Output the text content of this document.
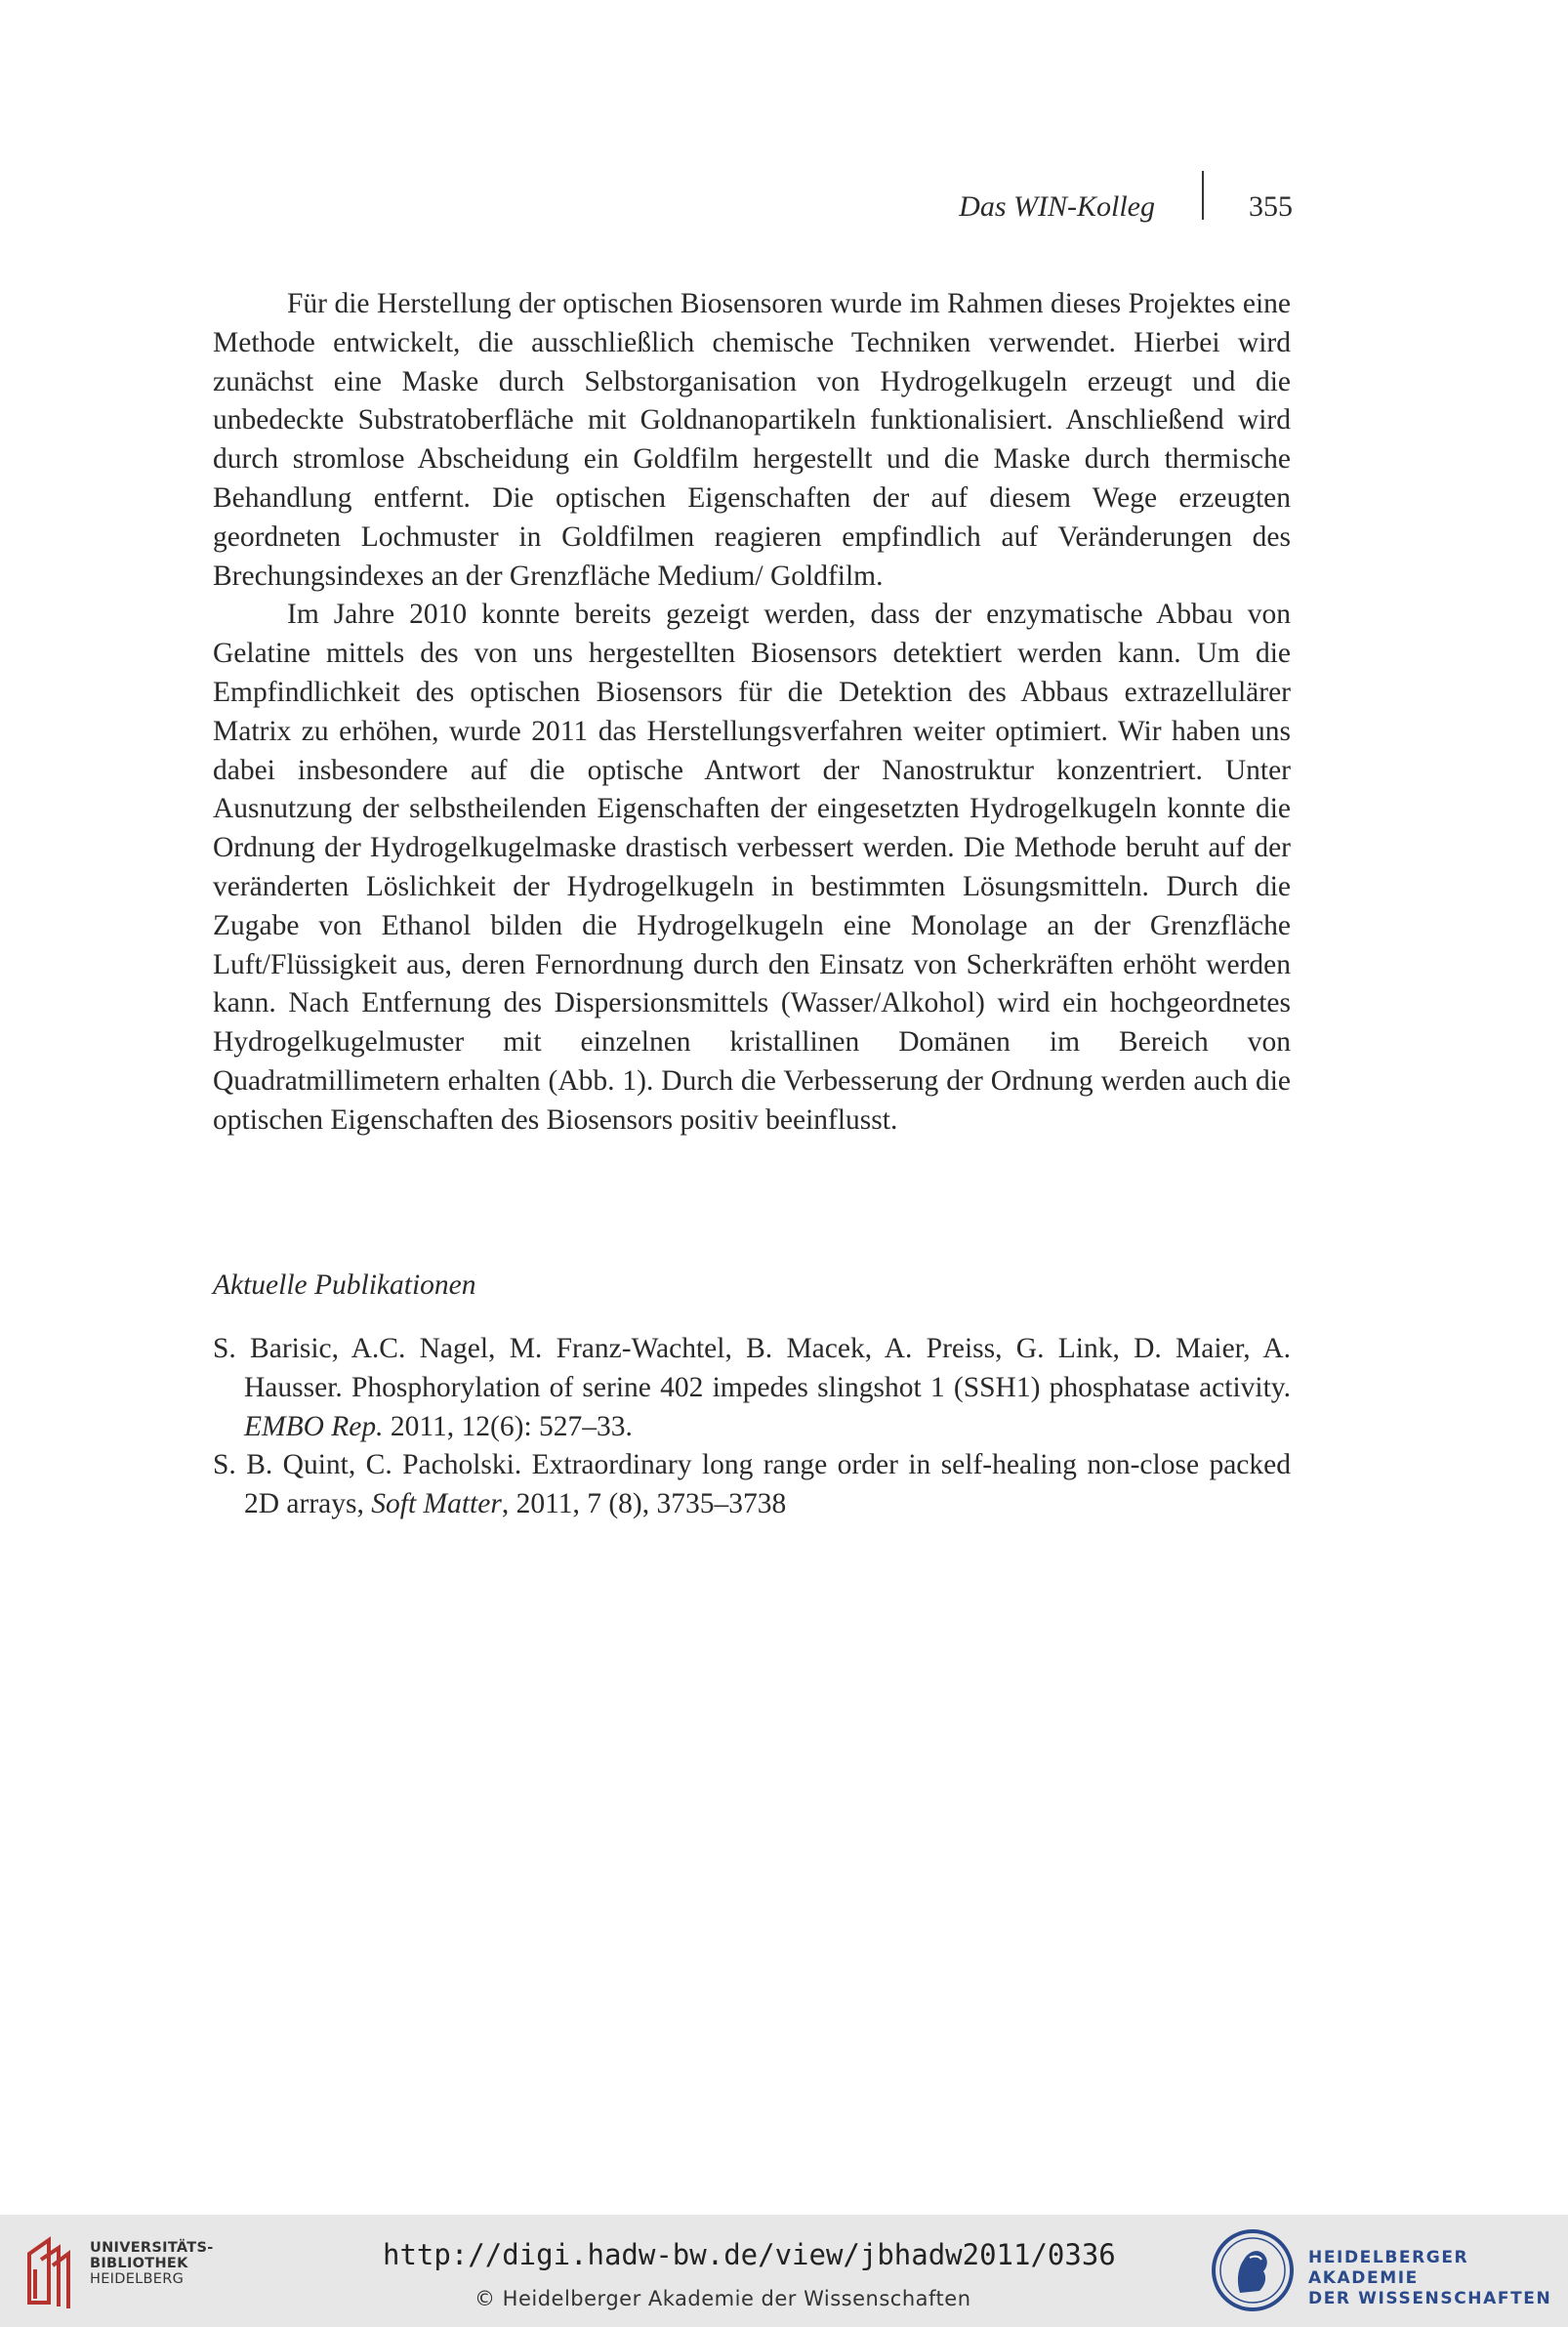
Das WIN-Kolleg	355

Für die Herstellung der optischen Biosensoren wurde im Rahmen dieses Projektes eine Methode entwickelt, die ausschließlich chemische Techniken verwendet. Hierbei wird zunächst eine Maske durch Selbstorganisation von Hydrogelkugeln erzeugt und die unbedeckte Substratoberfläche mit Goldnanopartikeln funktionalisiert. Anschließend wird durch stromlose Abscheidung ein Goldfilm hergestellt und die Maske durch thermische Behandlung entfernt. Die optischen Eigenschaften der auf diesem Wege erzeugten geordneten Lochmuster in Goldfilmen reagieren empfindlich auf Veränderungen des Brechungsindexes an der Grenzfläche Medium/ Goldfilm.

Im Jahre 2010 konnte bereits gezeigt werden, dass der enzymatische Abbau von Gelatine mittels des von uns hergestellten Biosensors detektiert werden kann. Um die Empfindlichkeit des optischen Biosensors für die Detektion des Abbaus extrazellulärer Matrix zu erhöhen, wurde 2011 das Herstellungsverfahren weiter optimiert. Wir haben uns dabei insbesondere auf die optische Antwort der Nanostruktur konzentriert. Unter Ausnutzung der selbstheilenden Eigenschaften der eingesetzten Hydrogelkugeln konnte die Ordnung der Hydrogelkugelmaske drastisch verbessert werden. Die Methode beruht auf der veränderten Löslichkeit der Hydrogelkugeln in bestimmten Lösungsmitteln. Durch die Zugabe von Ethanol bilden die Hydrogelkugeln eine Monolage an der Grenzfläche Luft/Flüssigkeit aus, deren Fernordnung durch den Einsatz von Scherkräften erhöht werden kann. Nach Entfernung des Dispersionsmittels (Wasser/Alkohol) wird ein hochgeordnetes Hydrogelkugelmuster mit einzelnen kristallinen Domänen im Bereich von Quadratmillimetern erhalten (Abb. 1). Durch die Verbesserung der Ordnung werden auch die optischen Eigenschaften des Biosensors positiv beeinflusst.

Aktuelle Publikationen

S. Barisic, A.C. Nagel, M. Franz-Wachtel, B. Macek, A. Preiss, G. Link, D. Maier, A. Hausser. Phosphorylation of serine 402 impedes slingshot 1 (SSH1) phosphatase activity. EMBO Rep. 2011, 12(6): 527–33.

S. B. Quint, C. Pacholski. Extraordinary long range order in self-healing non-close packed 2D arrays, Soft Matter, 2011, 7 (8), 3735–3738

UNIVERSITÄTS-
BIBLIOTHEK
HEIDELBERG
http://digi.hadw-bw.de/view/jbhadw2011/0336
© Heidelberger Akademie der Wissenschaften
HEIDELBERGER AKADEMIE
DER WISSENSCHAFTEN
